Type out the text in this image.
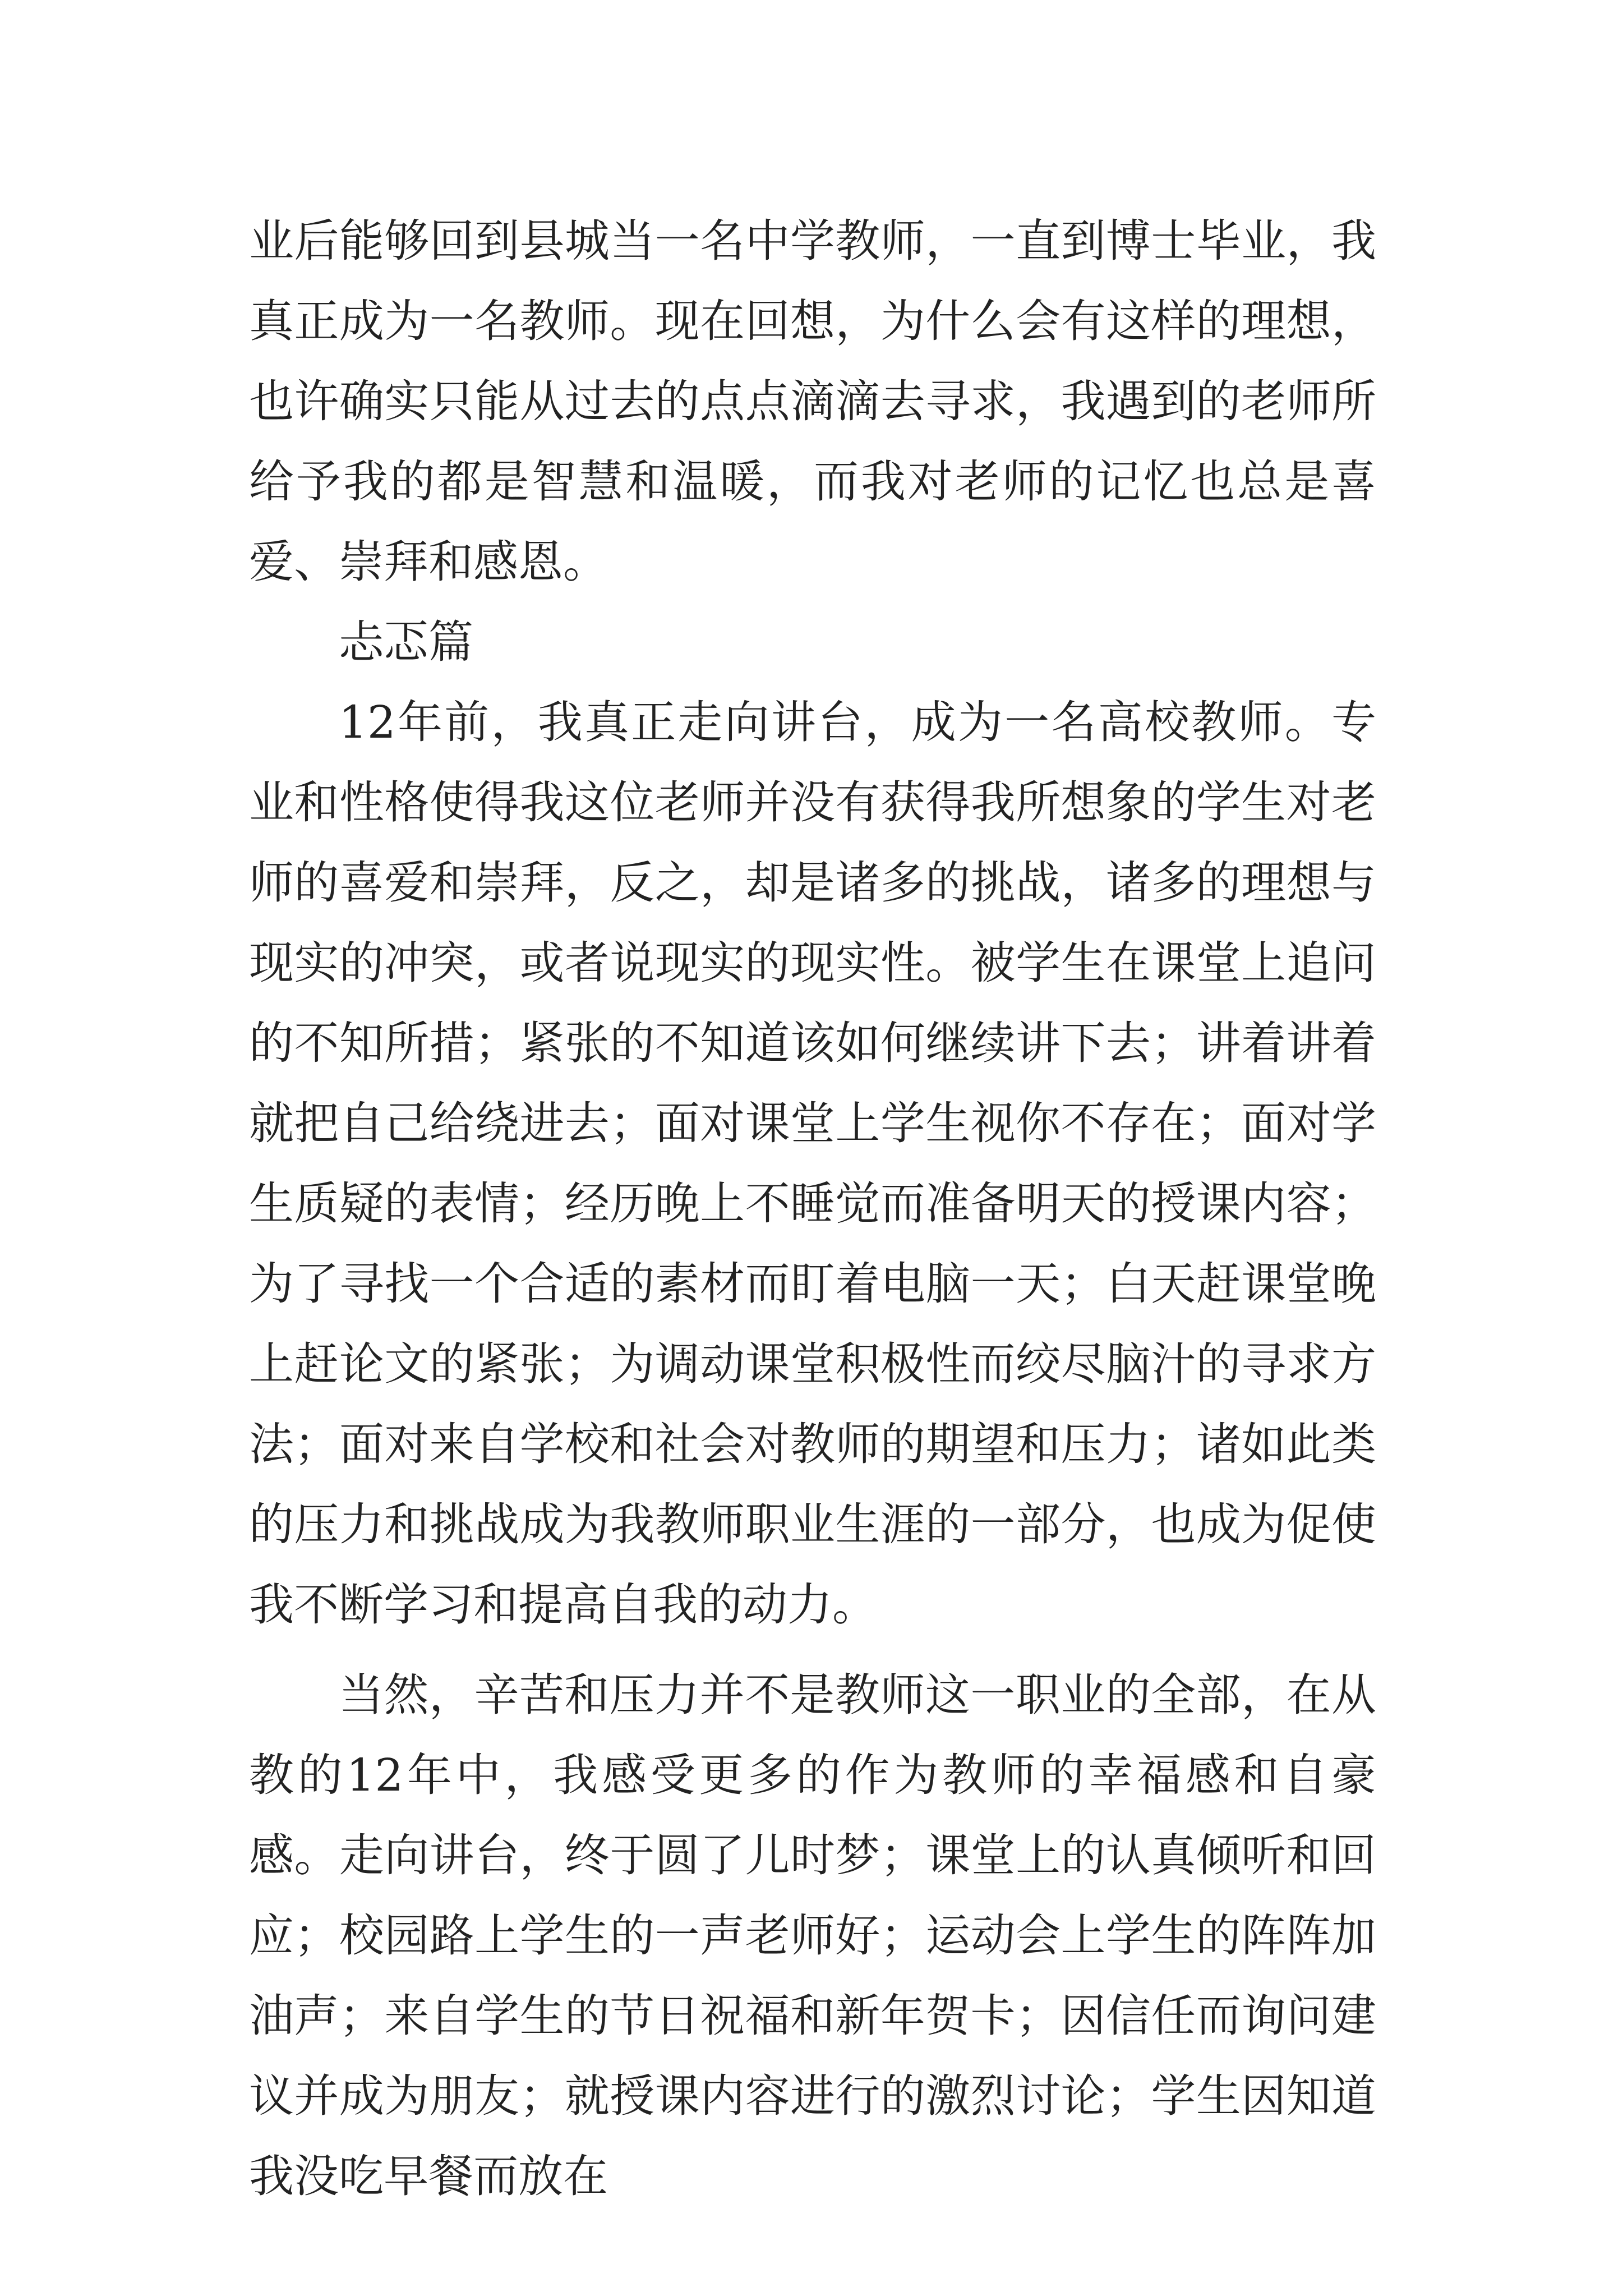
业后能够回到县城当一名中学教师，一直到博士毕业，我真正成为一名教师。现在回想，为什么会有这样的理想，也许确实只能从过去的点点滴滴去寻求，我遇到的老师所给予我的都是智慧和温暖，而我对老师的记忆也总是喜爱、崇拜和感恩。

忐忑篇

12年前，我真正走向讲台，成为一名高校教师。专业和性格使得我这位老师并没有获得我所想象的学生对老师的喜爱和崇拜，反之，却是诸多的挑战，诸多的理想与现实的冲突，或者说现实的现实性。被学生在课堂上追问的不知所措；紧张的不知道该如何继续讲下去；讲着讲着就把自己给绕进去；面对课堂上学生视你不存在；面对学生质疑的表情；经历晚上不睡觉而准备明天的授课内容；为了寻找一个合适的素材而盯着电脑一天；白天赶课堂晚上赶论文的紧张；为调动课堂积极性而绞尽脑汁的寻求方法；面对来自学校和社会对教师的期望和压力；诸如此类的压力和挑战成为我教师职业生涯的一部分，也成为促使我不断学习和提高自我的动力。

当然，辛苦和压力并不是教师这一职业的全部，在从教的12年中，我感受更多的作为教师的幸福感和自豪感。走向讲台，终于圆了儿时梦；课堂上的认真倾听和回应；校园路上学生的一声老师好；运动会上学生的阵阵加油声；来自学生的节日祝福和新年贺卡；因信任而询问建议并成为朋友；就授课内容进行的激烈讨论；学生因知道我没吃早餐而放在
